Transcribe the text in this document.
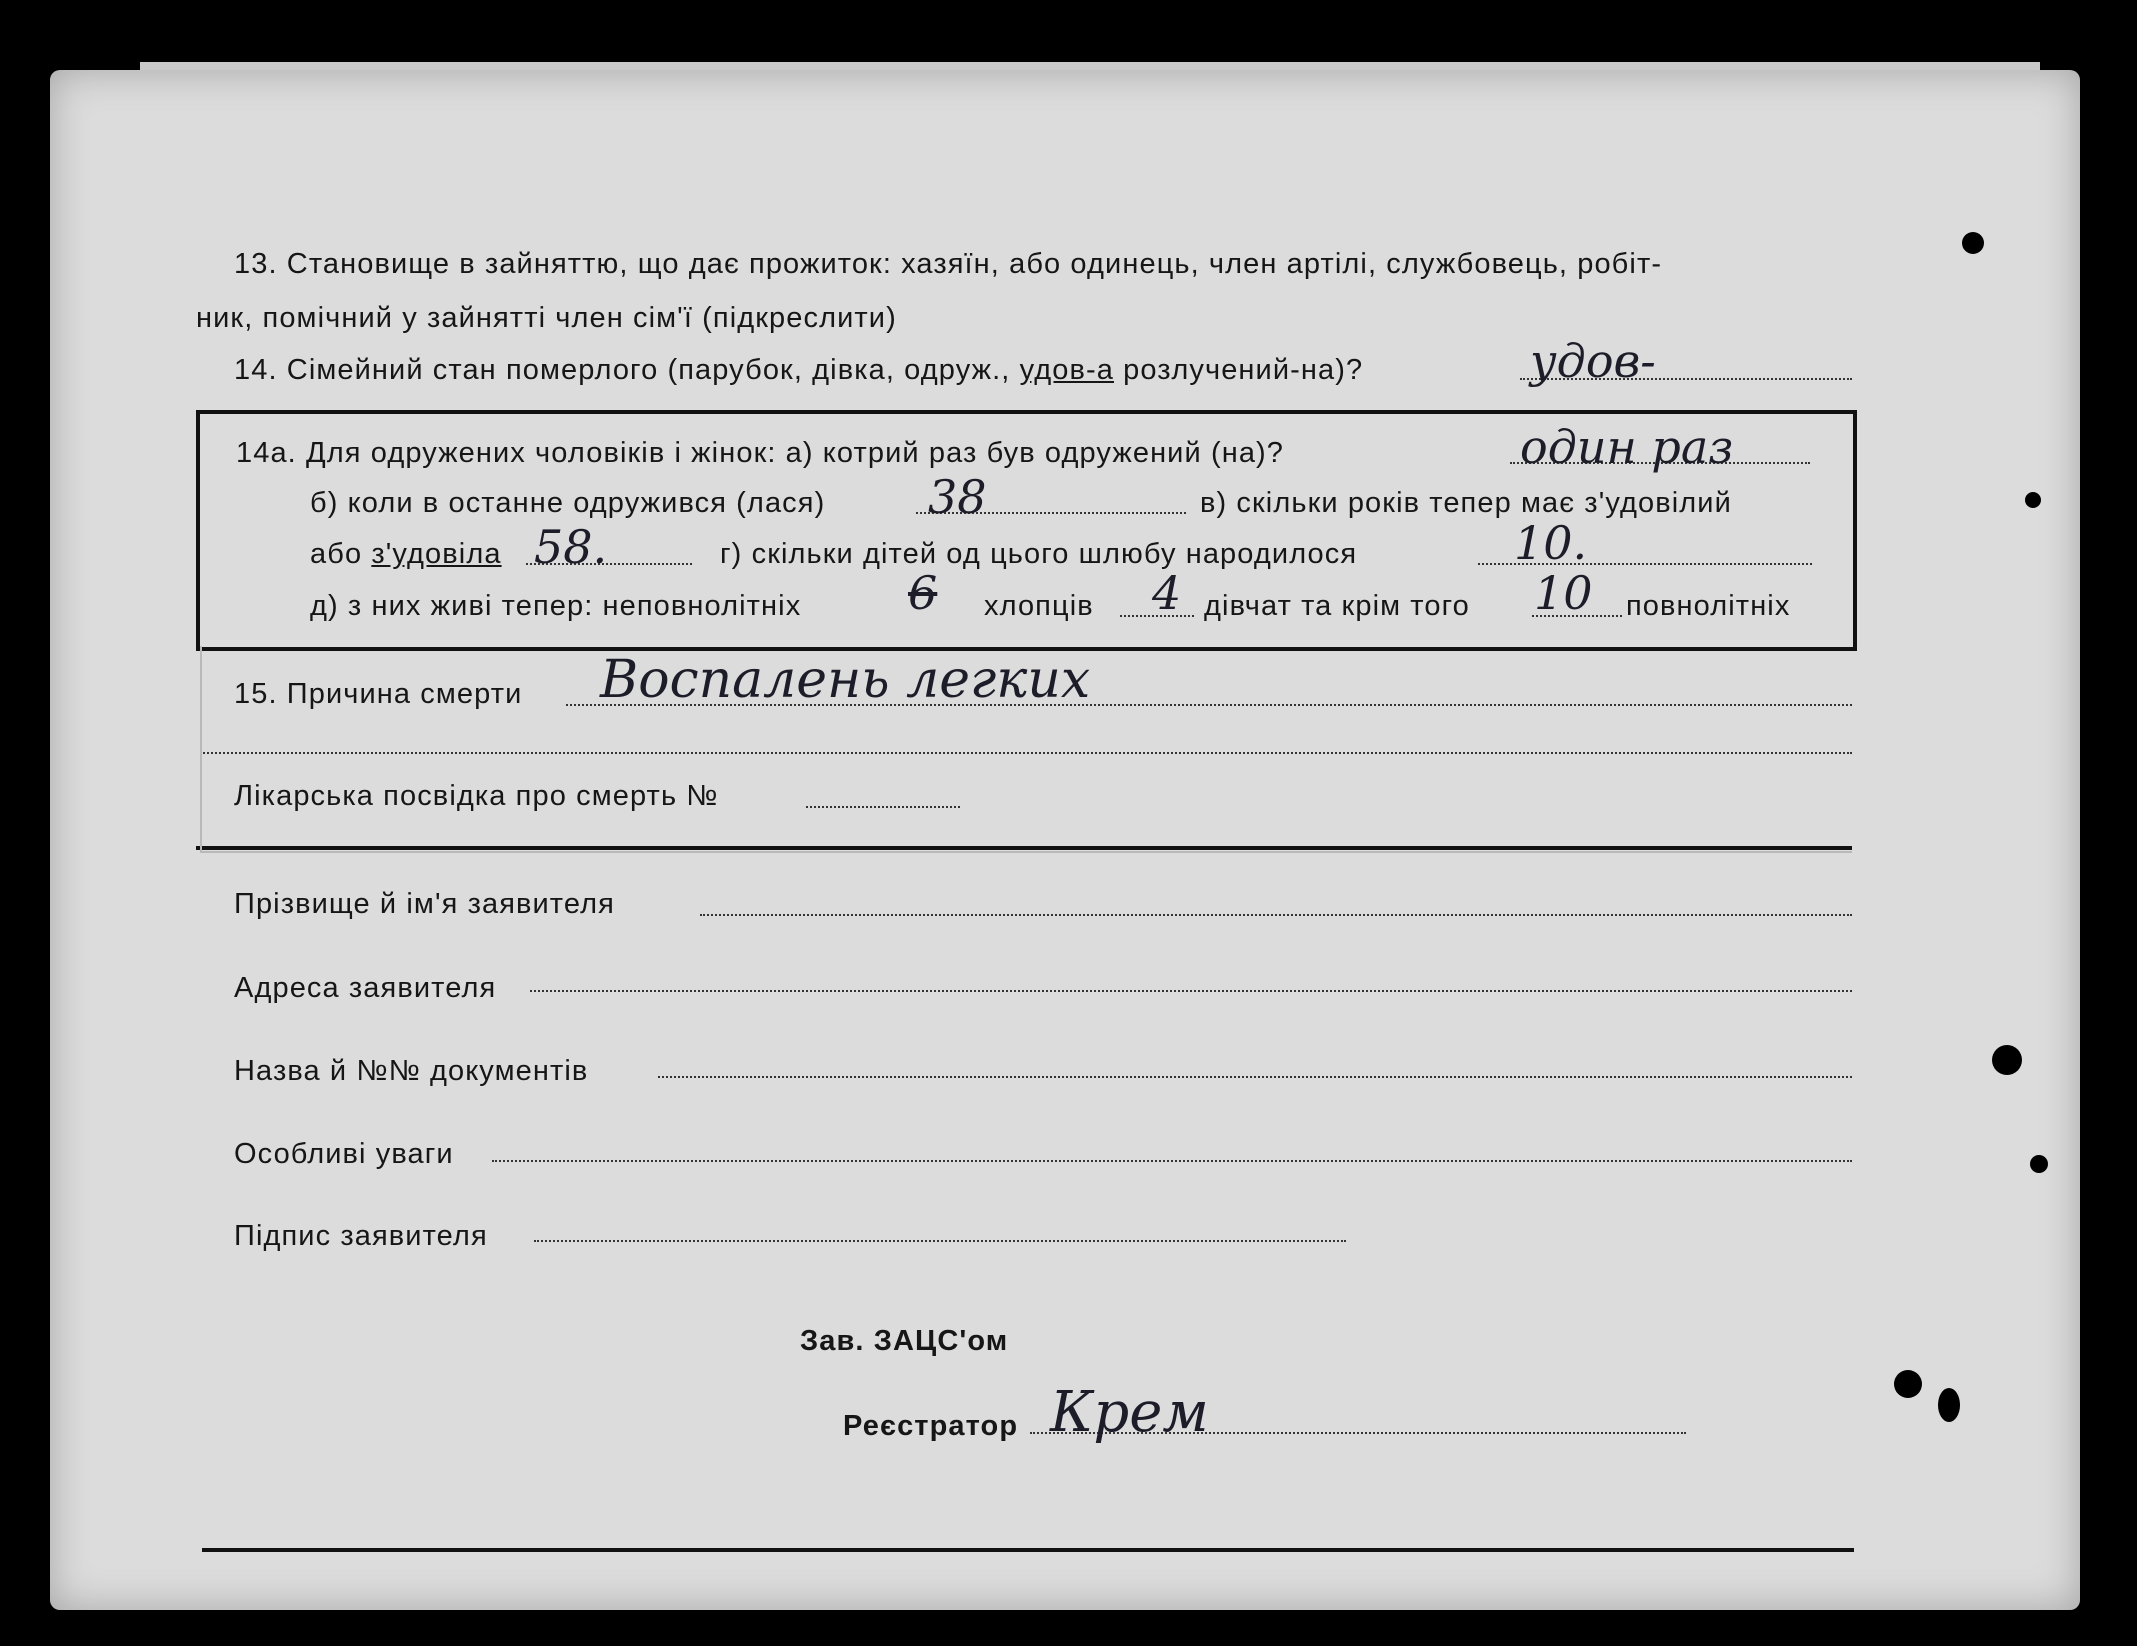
13. Становище в зайняттю, що дає прожиток: хазяїн, або одинець, член артілі, службовець, робіт-
ник, помічний у зайнятті член сім'ї (підкреслити)
14. Сімейний стан померлого (парубок, дівка, одруж., удов-а розлучений-на)?	удов-
14а. Для одружених чоловіків і жінок: а) котрий раз був одружений (на)?	один раз
б) коли в останне одружився (лася) 38	в) скільки років тепер має з'удовілий
або з'удовіла 58.	г) скільки дітей од цього шлюбу народилося	10.
д) з них живі тепер: неповнолітніх 6 хлопців 4 дівчат та крім того 10 повнолітніх
15. Причина смерти Воспалень легких
Лікарська посвідка про смерть №
Прізвище й ім'я заявителя
Адреса заявителя
Назва й №№ документів
Особливі уваги
Підпис заявителя
Зав. ЗАЦС'ом
Реєстратор Крем
